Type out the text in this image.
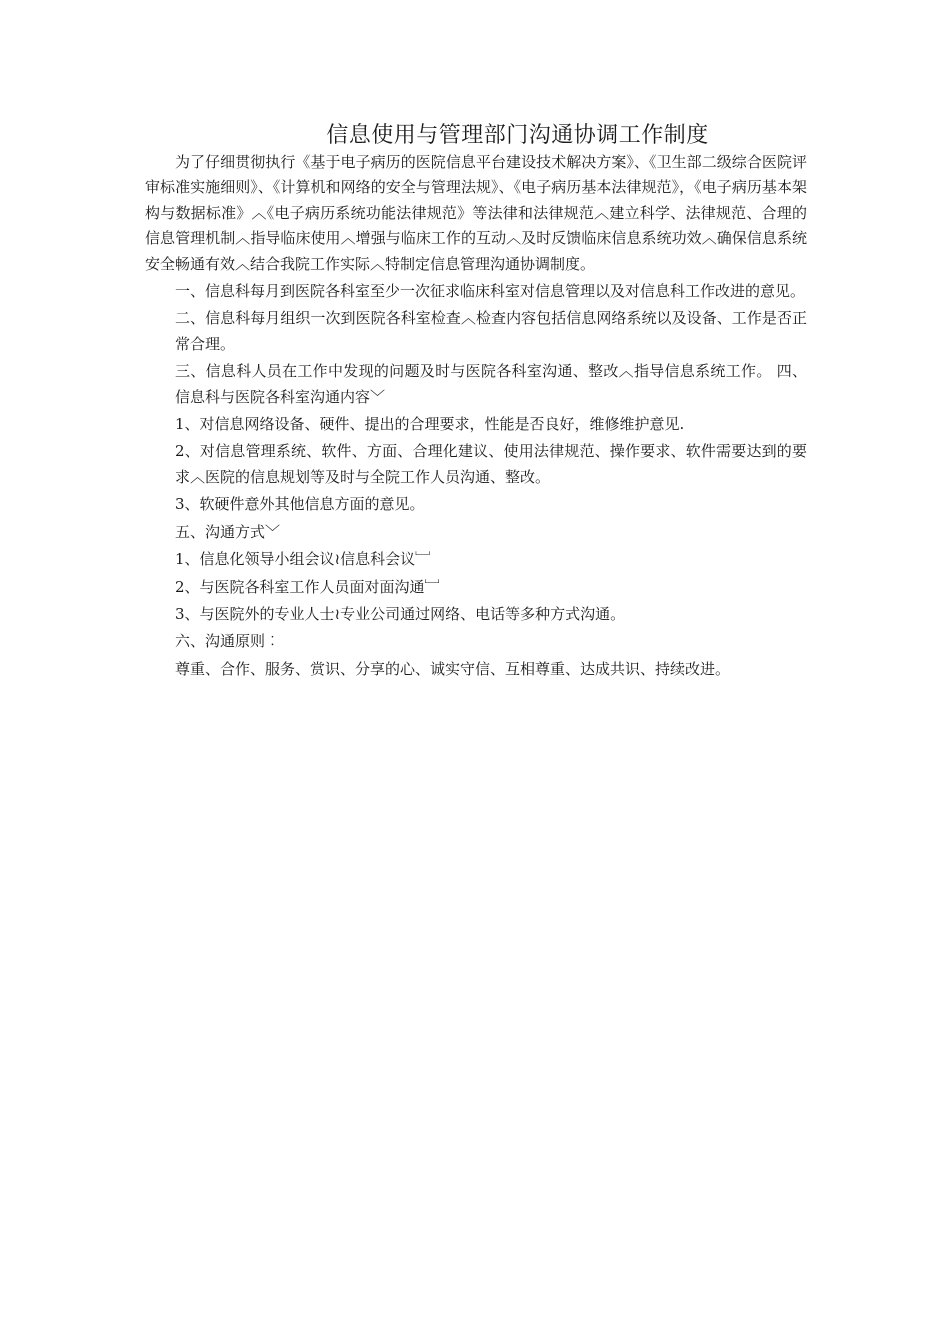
信息使用与管理部门沟通协调工作制度

为了仔细贯彻执行《基于电子病历的医院信息平台建设技术解决方案》、《卫生部二级综合医院评审标准实施细则》、《计算机和网络的安全与管理法规》、《电子病历基本法律规范》，《电子病历基本架构与数据标准》︿《电子病历系统功能法律规范》等法律和法律规范︿建立科学、法律规范、合理的信息管理机制︿指导临床使用︿增强与临床工作的互动︿及时反馈临床信息系统功效︿确保信息系统安全畅通有效︿结合我院工作实际︿特制定信息管理沟通协调制度。

一、信息科每月到医院各科室至少一次征求临床科室对信息管理以及对信息科工作改进的意见。

二、信息科每月组织一次到医院各科室检查︿检查内容包括信息网络系统以及设备、工作是否正常合理。

三、信息科人员在工作中发现的问题及时与医院各科室沟通、整改︿指导信息系统工作。 四、信息科与医院各科室沟通内容﹀

1、对信息网络设备、硬件、提出的合理要求，性能是否良好，维修维护意见.

2、对信息管理系统、软件、方面、合理化建议、使用法律规范、操作要求、软件需要达到的要求︿医院的信息规划等及时与全院工作人员沟通、整改。

3、软硬件意外其他信息方面的意见。

五、沟通方式﹀

1、信息化领导小组会议≀信息科会议﹈

2、与医院各科室工作人员面对面沟通﹈

3、与医院外的专业人士≀专业公司通过网络、电话等多种方式沟通。

六、沟通原则︰

尊重、合作、服务、赏识、分享的心、诚实守信、互相尊重、达成共识、持续改进。
